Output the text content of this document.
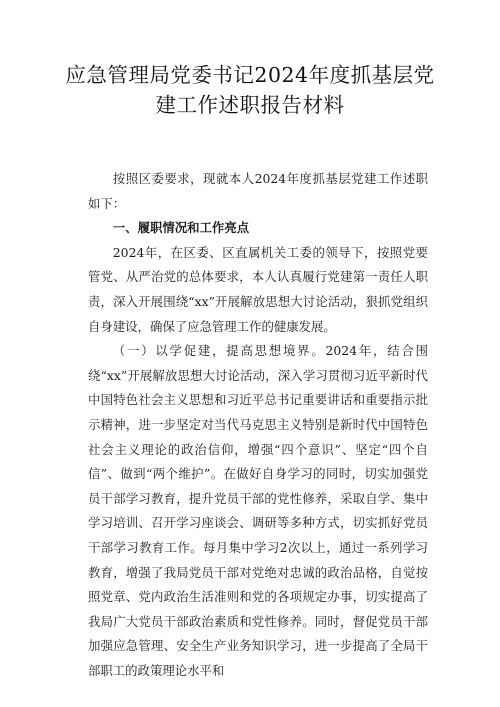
应急管理局党委书记2024年度抓基层党建工作述职报告材料

按照区委要求，现就本人2024年度抓基层党建工作述职如下：

一、履职情况和工作亮点

2024年，在区委、区直属机关工委的领导下，按照党要管党、从严治党的总体要求，本人认真履行党建第一责任人职责，深入开展围绕“xx”开展解放思想大讨论活动，狠抓党组织自身建设，确保了应急管理工作的健康发展。

（一）以学促建，提高思想境界。2024年，结合围绕“xx”开展解放思想大讨论活动，深入学习贯彻习近平新时代中国特色社会主义思想和习近平总书记重要讲话和重要指示批示精神，进一步坚定对当代马克思主义特别是新时代中国特色社会主义理论的政治信仰，增强“四个意识”、坚定“四个自信”、做到“两个维护”。在做好自身学习的同时，切实加强党员干部学习教育，提升党员干部的党性修养，采取自学、集中学习培训、召开学习座谈会、调研等多种方式，切实抓好党员干部学习教育工作。每月集中学习2次以上，通过一系列学习教育，增强了我局党员干部对党绝对忠诚的政治品格，自觉按照党章、党内政治生活准则和党的各项规定办事，切实提高了我局广大党员干部政治素质和党性修养。同时，督促党员干部加强应急管理、安全生产业务知识学习，进一步提高了全局干部职工的政策理论水平和
